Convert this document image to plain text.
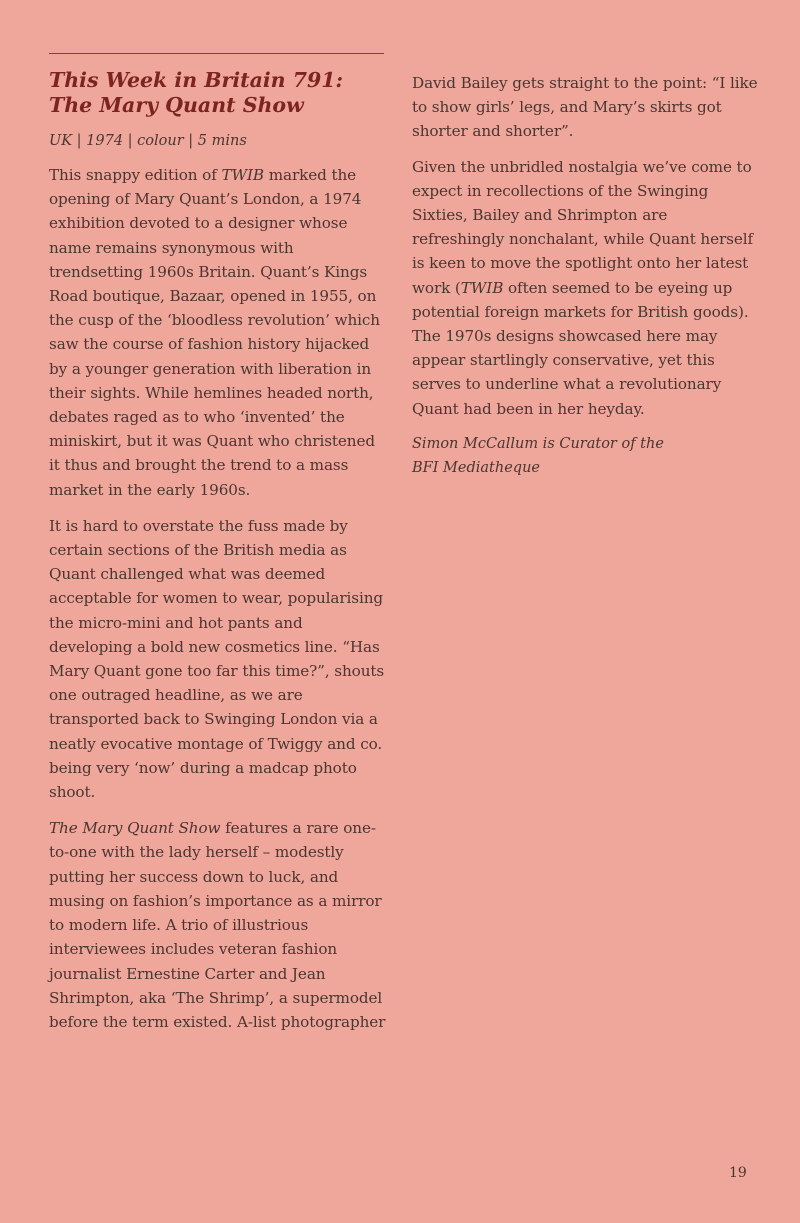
This Week in Britain 791:
The Mary Quant Show
UK | 1974 | colour | 5 mins

This snappy edition of TWIB marked the opening of Mary Quant’s London, a 1974 exhibition devoted to a designer whose name remains synonymous with trendsetting 1960s Britain. Quant’s Kings Road boutique, Bazaar, opened in 1955, on the cusp of the ‘bloodless revolution’ which saw the course of fashion history hijacked by a younger generation with liberation in their sights. While hemlines headed north, debates raged as to who ‘invented’ the miniskirt, but it was Quant who christened it thus and brought the trend to a mass market in the early 1960s.

It is hard to overstate the fuss made by certain sections of the British media as Quant challenged what was deemed acceptable for women to wear, popularising the micro-mini and hot pants and developing a bold new cosmetics line. “Has Mary Quant gone too far this time?”, shouts one outraged headline, as we are transported back to Swinging London via a neatly evocative montage of Twiggy and co. being very ‘now’ during a madcap photo shoot.

The Mary Quant Show features a rare one-to-one with the lady herself – modestly putting her success down to luck, and musing on fashion’s importance as a mirror to modern life. A trio of illustrious interviewees includes veteran fashion journalist Ernestine Carter and Jean Shrimpton, aka ‘The Shrimp’, a supermodel before the term existed. A-list photographer

David Bailey gets straight to the point: “I like to show girls’ legs, and Mary’s skirts got shorter and shorter”.

Given the unbridled nostalgia we’ve come to expect in recollections of the Swinging Sixties, Bailey and Shrimpton are refreshingly nonchalant, while Quant herself is keen to move the spotlight onto her latest work (TWIB often seemed to be eyeing up potential foreign markets for British goods). The 1970s designs showcased here may appear startlingly conservative, yet this serves to underline what a revolutionary Quant had been in her heyday.

Simon McCallum is Curator of the
BFI Mediatheque

19
